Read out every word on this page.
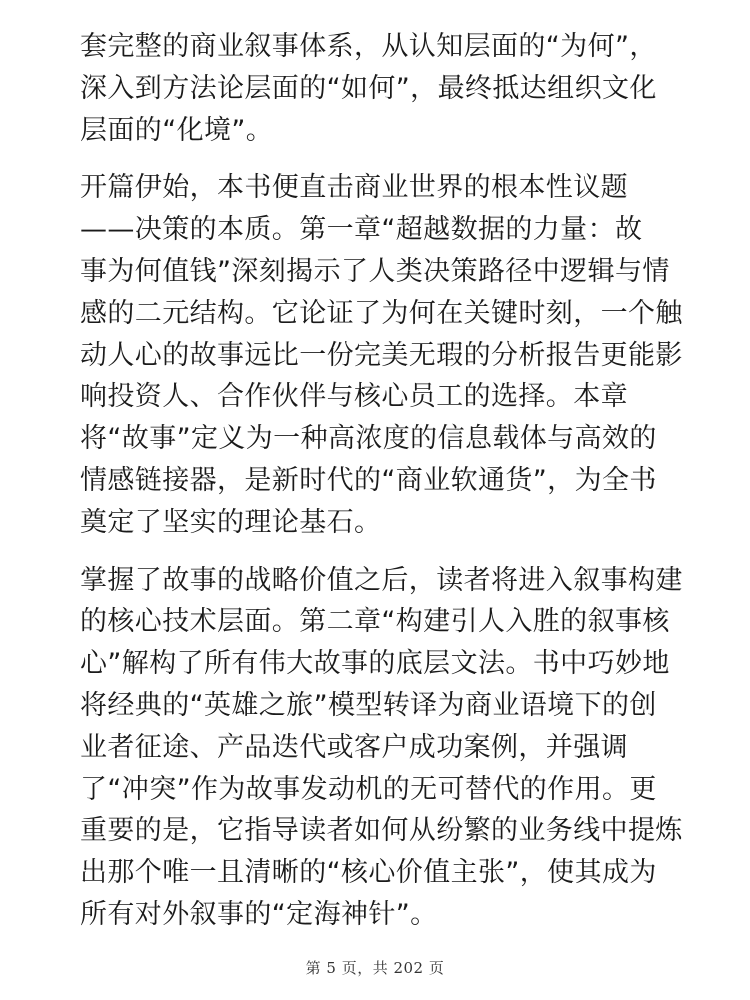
套完整的商业叙事体系，从认知层面的“为何”，
深入到方法论层面的“如何”，最终抵达组织文化
层面的“化境”。
开篇伊始，本书便直击商业世界的根本性议题
——决策的本质。第一章“超越数据的力量：故
事为何值钱”深刻揭示了人类决策路径中逻辑与情
感的二元结构。它论证了为何在关键时刻，一个触
动人心的故事远比一份完美无瑕的分析报告更能影
响投资人、合作伙伴与核心员工的选择。本章
将“故事”定义为一种高浓度的信息载体与高效的
情感链接器，是新时代的“商业软通货”，为全书
奠定了坚实的理论基石。
掌握了故事的战略价值之后，读者将进入叙事构建
的核心技术层面。第二章“构建引人入胜的叙事核
心”解构了所有伟大故事的底层文法。书中巧妙地
将经典的“英雄之旅”模型转译为商业语境下的创
业者征途、产品迭代或客户成功案例，并强调
了“冲突”作为故事发动机的无可替代的作用。更
重要的是，它指导读者如何从纷繁的业务线中提炼
出那个唯一且清晰的“核心价值主张”，使其成为
所有对外叙事的“定海神针”。
第 5 页，共 202 页
